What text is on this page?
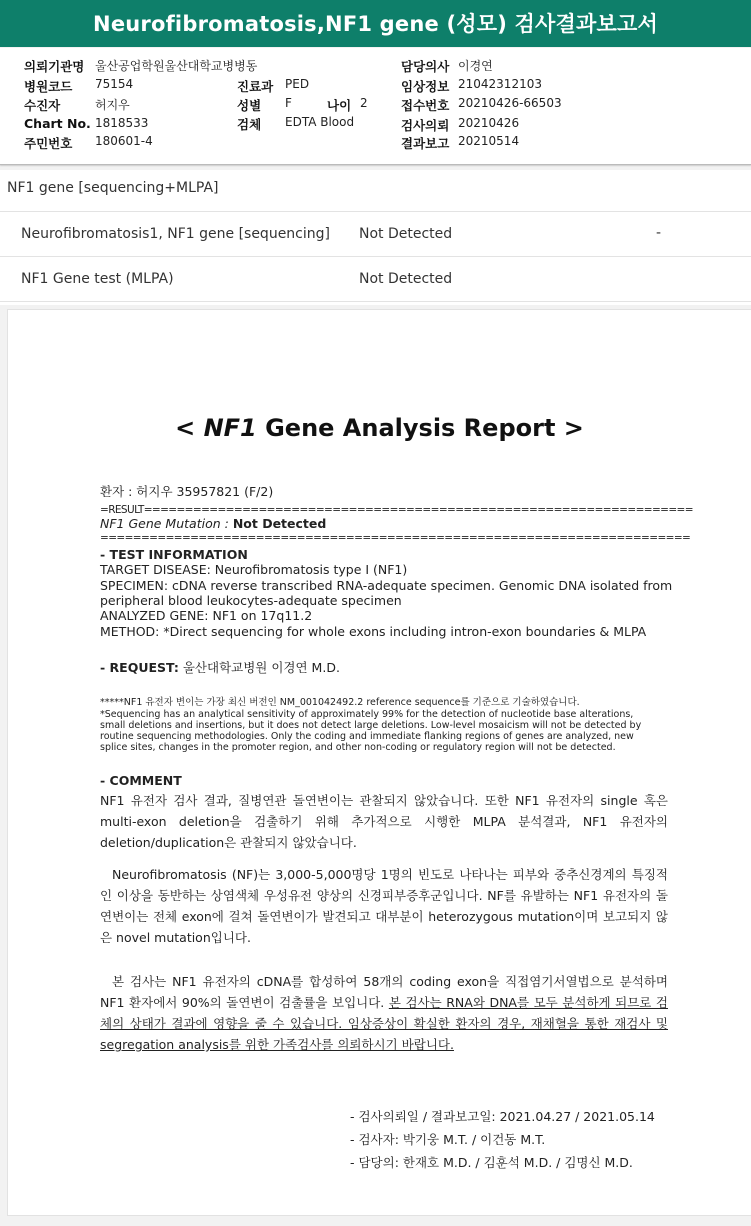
Neurofibromatosis,NF1 gene (성모) 검사결과보고서
의뢰기관명 울산공업학원울산대학교병병동
병원코드 75154	진료과 PED
수진자	허지우	성별 F	나이 2
Chart No. 1818533	검체 EDTA Blood
주민번호 180601-4
담당의사 이경연
임상정보 21042312103
접수번호 20210426-66503
검사의뢰 20210426
결과보고 20210514
NF1 gene [sequencing+MLPA]
Neurofibromatosis1, NF1 gene [sequencing] Not Detected	-
NF1 Gene test (MLPA)	Not Detected
< NF1 Gene Analysis Report >
환자 : 허지우 35957821 (F/2)
=RESULT===================================================================
NF1 Gene Mutation : Not Detected
========================================================================
- TEST INFORMATION
TARGET DISEASE: Neurofibromatosis type I (NF1)
SPECIMEN: cDNA reverse transcribed RNA-adequate specimen. Genomic DNA isolated from
peripheral blood leukocytes-adequate specimen
ANALYZED GENE: NF1 on 17q11.2
METHOD: *Direct sequencing for whole exons including intron-exon boundaries & MLPA
- REQUEST: 울산대학교병원 이경연 M.D.
*****NF1 유전자 변이는 가장 최신 버전인 NM_001042492.2 reference sequence를 기준으로 기술하였습니다.
*Sequencing has an analytical sensitivity of approximately 99% for the detection of nucleotide base alterations,
small deletions and insertions, but it does not detect large deletions. Low-level mosaicism will not be detected by
routine sequencing methodologies. Only the coding and immediate flanking regions of genes are analyzed, new
splice sites, changes in the promoter region, and other non-coding or regulatory region will not be detected.
- COMMENT
NF1 유전자 검사 결과, 질병연관 돌연변이는 관찰되지 않았습니다. 또한 NF1 유전자의 single 혹은 multi-exon deletion을 검출하기 위해 추가적으로 시행한 MLPA 분석결과, NF1 유전자의 deletion/duplication은 관찰되지 않았습니다.
Neurofibromatosis (NF)는 3,000-5,000명당 1명의 빈도로 나타나는 피부와 중추신경계의 특징적인 이상을 동반하는 상염색체 우성유전 양상의 신경피부증후군입니다. NF를 유발하는 NF1 유전자의 돌연변이는 전체 exon에 걸쳐 돌연변이가 발견되고 대부분이 heterozygous mutation이며 보고되지 않은 novel mutation입니다.
본 검사는 NF1 유전자의 cDNA를 합성하여 58개의 coding exon을 직접염기서열법으로 분석하며 NF1 환자에서 90%의 돌연변이 검출률을 보입니다. 본 검사는 RNA와 DNA를 모두 분석하게 되므로 검체의 상태가 결과에 영향을 줄 수 있습니다. 임상증상이 확실한 환자의 경우, 재채혈을 통한 재검사 및 segregation analysis를 위한 가족검사를 의뢰하시기 바랍니다.
- 검사의뢰일 / 결과보고일: 2021.04.27 / 2021.05.14
- 검사자: 박기웅 M.T. / 이건동 M.T.
- 담당의: 한재호 M.D. / 김훈석 M.D. / 김명신 M.D.
